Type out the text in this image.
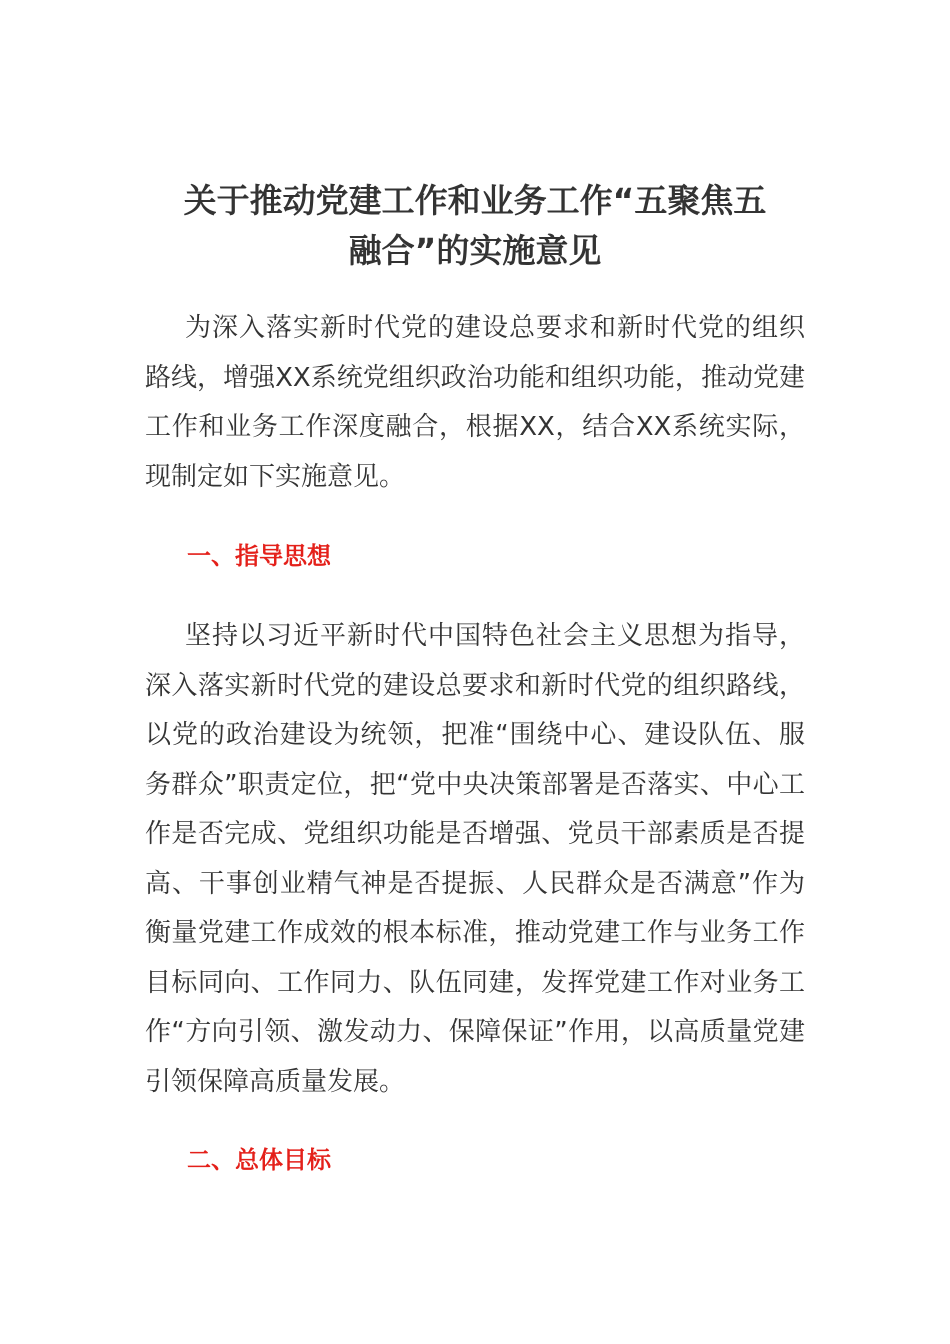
关于推动党建工作和业务工作“五聚焦五
融合”的实施意见

为深入落实新时代党的建设总要求和新时代党的组织路线，增强XX系统党组织政治功能和组织功能，推动党建工作和业务工作深度融合，根据XX，结合XX系统实际，现制定如下实施意见。

一、指导思想

坚持以习近平新时代中国特色社会主义思想为指导，深入落实新时代党的建设总要求和新时代党的组织路线，以党的政治建设为统领，把准“围绕中心、建设队伍、服务群众”职责定位，把“党中央决策部署是否落实、中心工作是否完成、党组织功能是否增强、党员干部素质是否提高、干事创业精气神是否提振、人民群众是否满意”作为衡量党建工作成效的根本标准，推动党建工作与业务工作目标同向、工作同力、队伍同建，发挥党建工作对业务工作“方向引领、激发动力、保障保证”作用，以高质量党建引领保障高质量发展。

二、总体目标
